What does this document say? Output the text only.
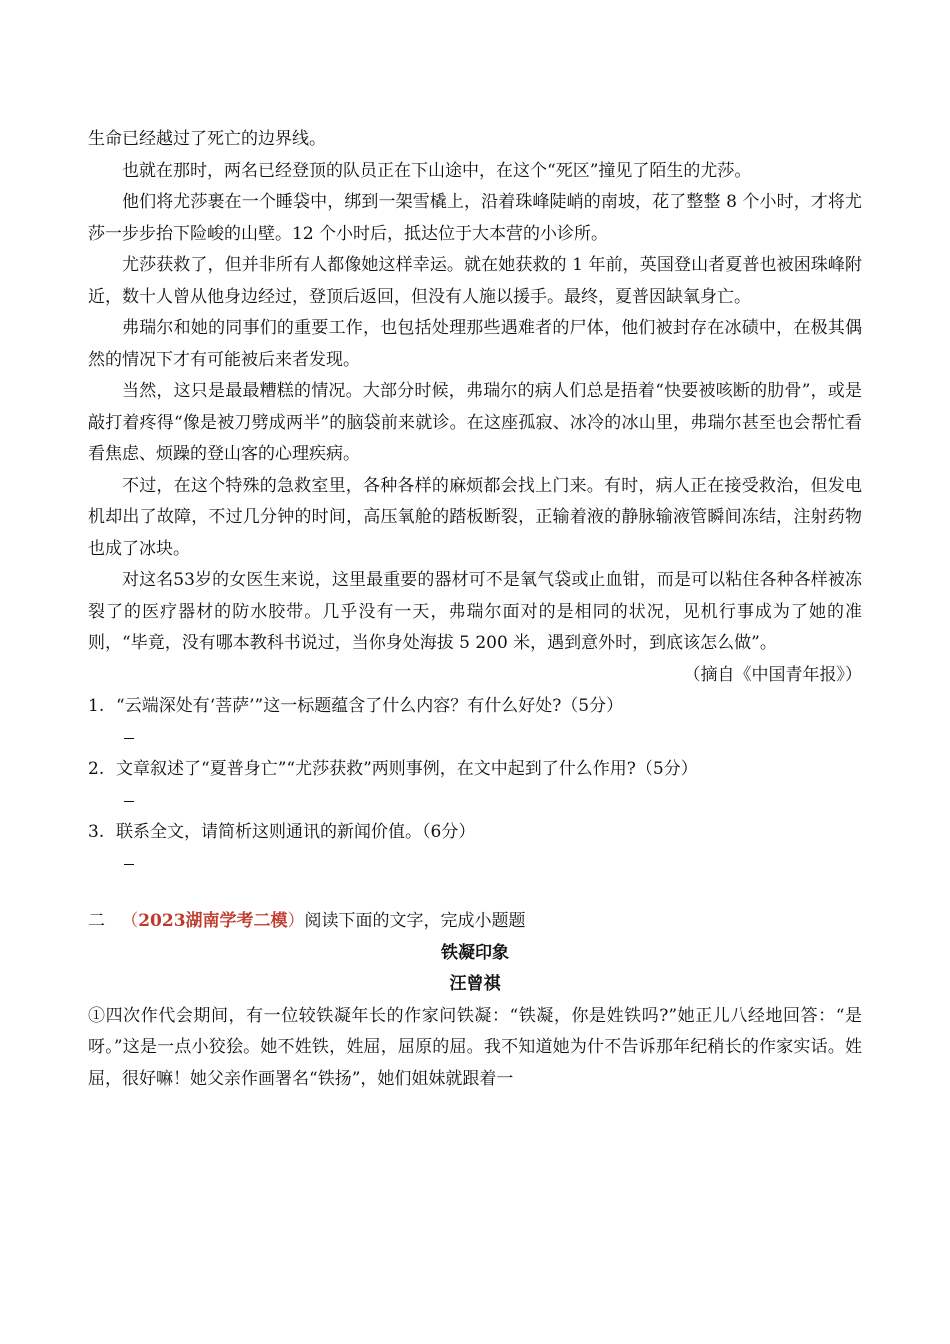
生命已经越过了死亡的边界线。

也就在那时，两名已经登顶的队员正在下山途中，在这个“死区”撞见了陌生的尤莎。

他们将尤莎裹在一个睡袋中，绑到一架雪橇上，沿着珠峰陡峭的南坡，花了整整 8 个小时，才将尤莎一步步抬下险峻的山壁。12 个小时后，抵达位于大本营的小诊所。

尤莎获救了，但并非所有人都像她这样幸运。就在她获救的 1 年前，英国登山者夏普也被困珠峰附近，数十人曾从他身边经过，登顶后返回，但没有人施以援手。最终，夏普因缺氧身亡。

弗瑞尔和她的同事们的重要工作，也包括处理那些遇难者的尸体，他们被封存在冰碛中，在极其偶然的情况下才有可能被后来者发现。

当然，这只是最最糟糕的情况。大部分时候，弗瑞尔的病人们总是捂着“快要被咳断的肋骨”，或是敲打着疼得“像是被刀劈成两半”的脑袋前来就诊。在这座孤寂、冰冷的冰山里，弗瑞尔甚至也会帮忙看看焦虑、烦躁的登山客的心理疾病。

不过，在这个特殊的急救室里，各种各样的麻烦都会找上门来。有时，病人正在接受救治，但发电机却出了故障，不过几分钟的时间，高压氧舱的踏板断裂，正输着液的静脉输液管瞬间冻结，注射药物也成了冰块。

对这名53岁的女医生来说，这里最重要的器材可不是氧气袋或止血钳，而是可以粘住各种各样被冻裂了的医疗器材的防水胶带。几乎没有一天，弗瑞尔面对的是相同的状况，见机行事成为了她的准则，“毕竟，没有哪本教科书说过，当你身处海拔 5 200 米，遇到意外时，到底该怎么做”。

（摘自《中国青年报》）

1. “云端深处有‘菩萨’”这一标题蕴含了什么内容？有什么好处?（5分）
2. 文章叙述了“夏普身亡”“尤莎获救”两则事例，在文中起到了什么作用?（5分）
3. 联系全文，请简析这则通讯的新闻价值。（6分）

二 （2023湖南学考二模）阅读下面的文字，完成小题题

铁凝印象

汪曾祺

①四次作代会期间，有一位较铁凝年长的作家问铁凝：“铁凝，你是姓铁吗?”她正儿八经地回答：“是呀。”这是一点小狡狯。她不姓铁，姓屈，屈原的屈。我不知道她为什不告诉那年纪稍长的作家实话。姓屈，很好嘛！她父亲作画署名“铁扬”，她们姐妹就跟着一
